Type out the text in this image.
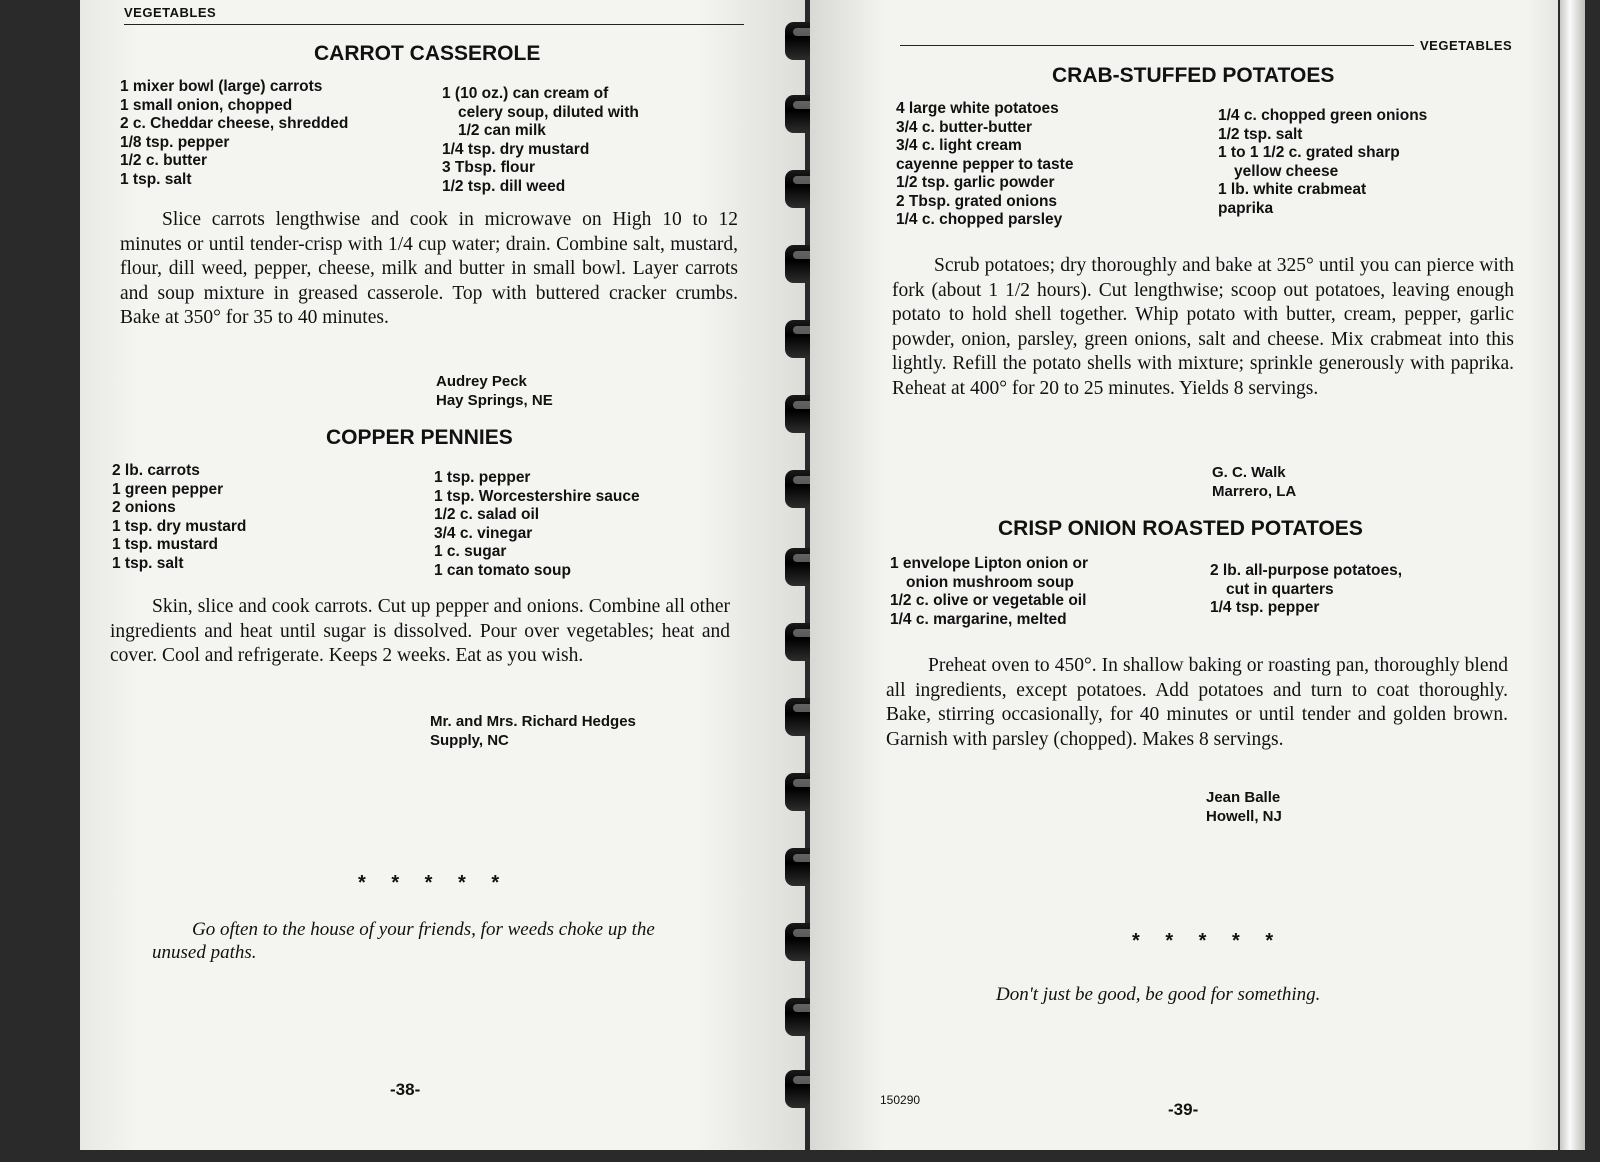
VEGETABLES
CARROT CASSEROLE
1 mixer bowl (large) carrots
1 small onion, chopped
2 c. Cheddar cheese, shredded
1/8 tsp. pepper
1/2 c. butter
1 tsp. salt
1 (10 oz.) can cream of
celery soup, diluted with
1/2 can milk
1/4 tsp. dry mustard
3 Tbsp. flour
1/2 tsp. dill weed
Slice carrots lengthwise and cook in microwave on High 10 to 12 minutes or until tender-crisp with 1/4 cup water; drain. Combine salt, mustard, flour, dill weed, pepper, cheese, milk and butter in small bowl. Layer carrots and soup mixture in greased casserole. Top with buttered cracker crumbs. Bake at 350° for 35 to 40 minutes.
Audrey Peck
Hay Springs, NE
COPPER PENNIES
2 lb. carrots
1 green pepper
2 onions
1 tsp. dry mustard
1 tsp. mustard
1 tsp. salt
1 tsp. pepper
1 tsp. Worcestershire sauce
1/2 c. salad oil
3/4 c. vinegar
1 c. sugar
1 can tomato soup
Skin, slice and cook carrots. Cut up pepper and onions. Combine all other ingredients and heat until sugar is dissolved. Pour over vegetables; heat and cover. Cool and refrigerate. Keeps 2 weeks. Eat as you wish.
Mr. and Mrs. Richard Hedges
Supply, NC
* * * * *
Go often to the house of your friends, for weeds choke up the unused paths.
-38-
VEGETABLES
CRAB-STUFFED POTATOES
4 large white potatoes
3/4 c. butter-butter
3/4 c. light cream
cayenne pepper to taste
1/2 tsp. garlic powder
2 Tbsp. grated onions
1/4 c. chopped parsley
1/4 c. chopped green onions
1/2 tsp. salt
1 to 1 1/2 c. grated sharp
yellow cheese
1 lb. white crabmeat
paprika
Scrub potatoes; dry thoroughly and bake at 325° until you can pierce with fork (about 1 1/2 hours). Cut lengthwise; scoop out potatoes, leaving enough potato to hold shell together. Whip potato with butter, cream, pepper, garlic powder, onion, parsley, green onions, salt and cheese. Mix crabmeat into this lightly. Refill the potato shells with mixture; sprinkle generously with paprika. Reheat at 400° for 20 to 25 minutes. Yields 8 servings.
G. C. Walk
Marrero, LA
CRISP ONION ROASTED POTATOES
1 envelope Lipton onion or
onion mushroom soup
1/2 c. olive or vegetable oil
1/4 c. margarine, melted
2 lb. all-purpose potatoes,
cut in quarters
1/4 tsp. pepper
Preheat oven to 450°. In shallow baking or roasting pan, thoroughly blend all ingredients, except potatoes. Add potatoes and turn to coat thoroughly. Bake, stirring occasionally, for 40 minutes or until tender and golden brown. Garnish with parsley (chopped). Makes 8 servings.
Jean Balle
Howell, NJ
* * * * *
Don't just be good, be good for something.
150290	-39-
